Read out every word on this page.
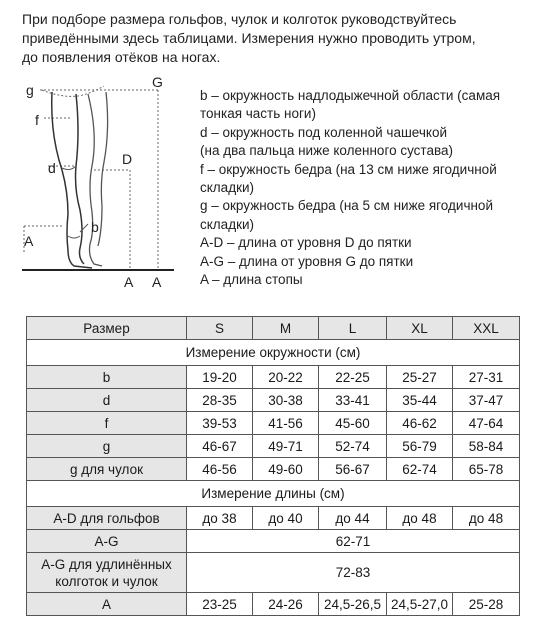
При подборе размера гольфов, чулок и колготок руководствуйтесь

приведёнными здесь таблицами. Измерения нужно проводить утром,

до появления отёков на ногах.

g	G
f
d
D
b
A
A A

b – окружность надлодыжечной области (самая

тонкая часть ноги)

d – окружность под коленной чашечкой

(на два пальца ниже коленного сустава)

f – окружность бедра (на 13 см ниже ягодичной

складки)

g – окружность бедра (на 5 см ниже ягодичной

складки)

A-D – длина от уровня D до пятки

A-G – длина от уровня G до пятки

A – длина стопы

Размер	S	M	L	XL	XXL
Измерение окружности (см)					
b	19-20	20-22	22-25	25-27	27-31
d	28-35	30-38	33-41	35-44	37-47
f	39-53	41-56	45-60	46-62	47-64
g	46-67	49-71	52-74	56-79	58-84
g для чулок	46-56	49-60	56-67	62-74	65-78
Измерение длины (см)					
A-D для гольфов	до 38	до 40	до 44	до 48	до 48
A-G	62-71				
A-G для удлинённых
колготок и чулок	72-83				
A	23-25	24-26	24,5-26,5	24,5-27,0	25-28
